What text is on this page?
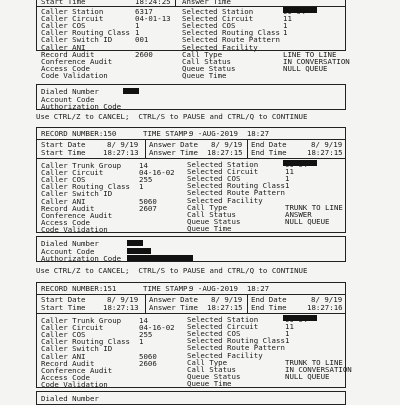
Start Time	18:24:25 Answer Time
Caller Station	6317
Caller Circuit	04-01-13
Caller COS	1
Caller Routing Class 1
Caller Switch ID	001
Caller ANI
Record Audit	2600
Conference Audit
Access Code
Code Validation
Selected Station
Selected Circuit	11
Selected COS	1
Selected Routing Class 1
Selected Route Pattern
Selected Facility
Call Type	LINE TO LINE
Call Status	IN CONVERSATION
Queue Status	NULL QUEUE
Queue Time
Dialed Number
Account Code
Authorization Code
Use CTRL/Z to CANCEL;  CTRL/S to PAUSE and CTRL/Q to CONTINUE
RECORD NUMBER: 150	TIME STAMP:
9 -AUG-2019  18:27
Start Date	8/ 9/19
Start Time 18:27:13
Answer Date 8/ 9/19
Answer Time 18:27:15
End Date	8/ 9/19
End Time	18:27:15
Caller Trunk Group 14
Caller Circuit	04-16-02
Caller COS	255
Caller Routing Class 1
Caller Switch ID
Caller ANI	5060
Record Audit	2607
Conference Audit
Access Code
Code Validation
Selected Station
Selected Circuit	11
Selected COS	1
Selected Routing Class 1
Selected Route Pattern
Selected Facility
Call Type	TRUNK TO LINE
Call Status	ANSWER
Queue Status	NULL QUEUE
Queue Time
Dialed Number
Account Code
Authorization Code
Use CTRL/Z to CANCEL;  CTRL/S to PAUSE and CTRL/Q to CONTINUE
RECORD NUMBER: 151	TIME STAMP:
9 -AUG-2019  18:27
Start Date	8/ 9/19
Start Time 18:27:13
Answer Date 8/ 9/19
Answer Time 18:27:15
End Date	8/ 9/19
End Time	18:27:16
Caller Trunk Group 14
Caller Circuit	04-16-02
Caller COS	255
Caller Routing Class 1
Caller Switch ID
Caller ANI	5060
Record Audit	2606
Conference Audit
Access Code
Code Validation
Selected Station
Selected Circuit	11
Selected COS	1
Selected Routing Class 1
Selected Route Pattern
Selected Facility
Call Type	TRUNK TO LINE
Call Status	IN CONVERSATION
Queue Status	NULL QUEUE
Queue Time
Dialed Number
